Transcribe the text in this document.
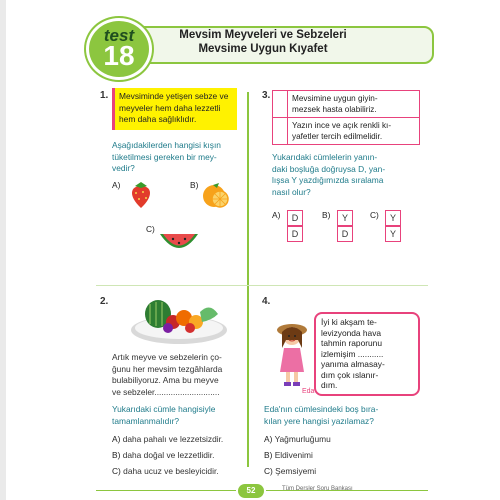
Mevsim Meyveleri ve Sebzeleri
Mevsime Uygun Kıyafet
test
18
1.	Mevsiminde yetişen sebze ve meyveler hem daha lezzetli hem daha sağlıklıdır.
Aşağıdakilerden hangisi kışın
tüketilmesi gereken bir mey-
vedir?
A)	B)
C)
2.
Artık meyve ve sebzelerin ço-
ğunu her mevsim tezgâhlarda
bulabiliyoruz. Ama bu meyve
ve sebzeler............................
Yukarıdaki cümle hangisiyle
tamamlanmalıdır?
A) daha pahalı ve lezzetsizdir.
B) daha doğal ve lezzetlidir.
C) daha ucuz ve besleyicidir.
3.	Mevsimine uygun giyin-
mezsek hasta olabiliriz.
Yazın ince ve açık renkli kı-
yafetler tercih edilmelidir.
Yukarıdaki cümlelerin yanın-
daki boşluğa doğruysa D, yan-
lışsa Y yazdığımızda sıralama
nasıl olur?
A)	D
D
B)	Y
D
C)	Y
Y
4.
Eda
İyi ki akşam te-
levizyonda hava
tahmin raporunu
izlemişim ...........
yanıma almasay-
dım çok ıslanır-
dım.
Eda'nın cümlesindeki boş bıra-
kılan yere hangisi yazılamaz?
A) Yağmurluğumu
B) Eldivenimi
C) Şemsiyemi
52	Tüm Dersler Soru Bankası
